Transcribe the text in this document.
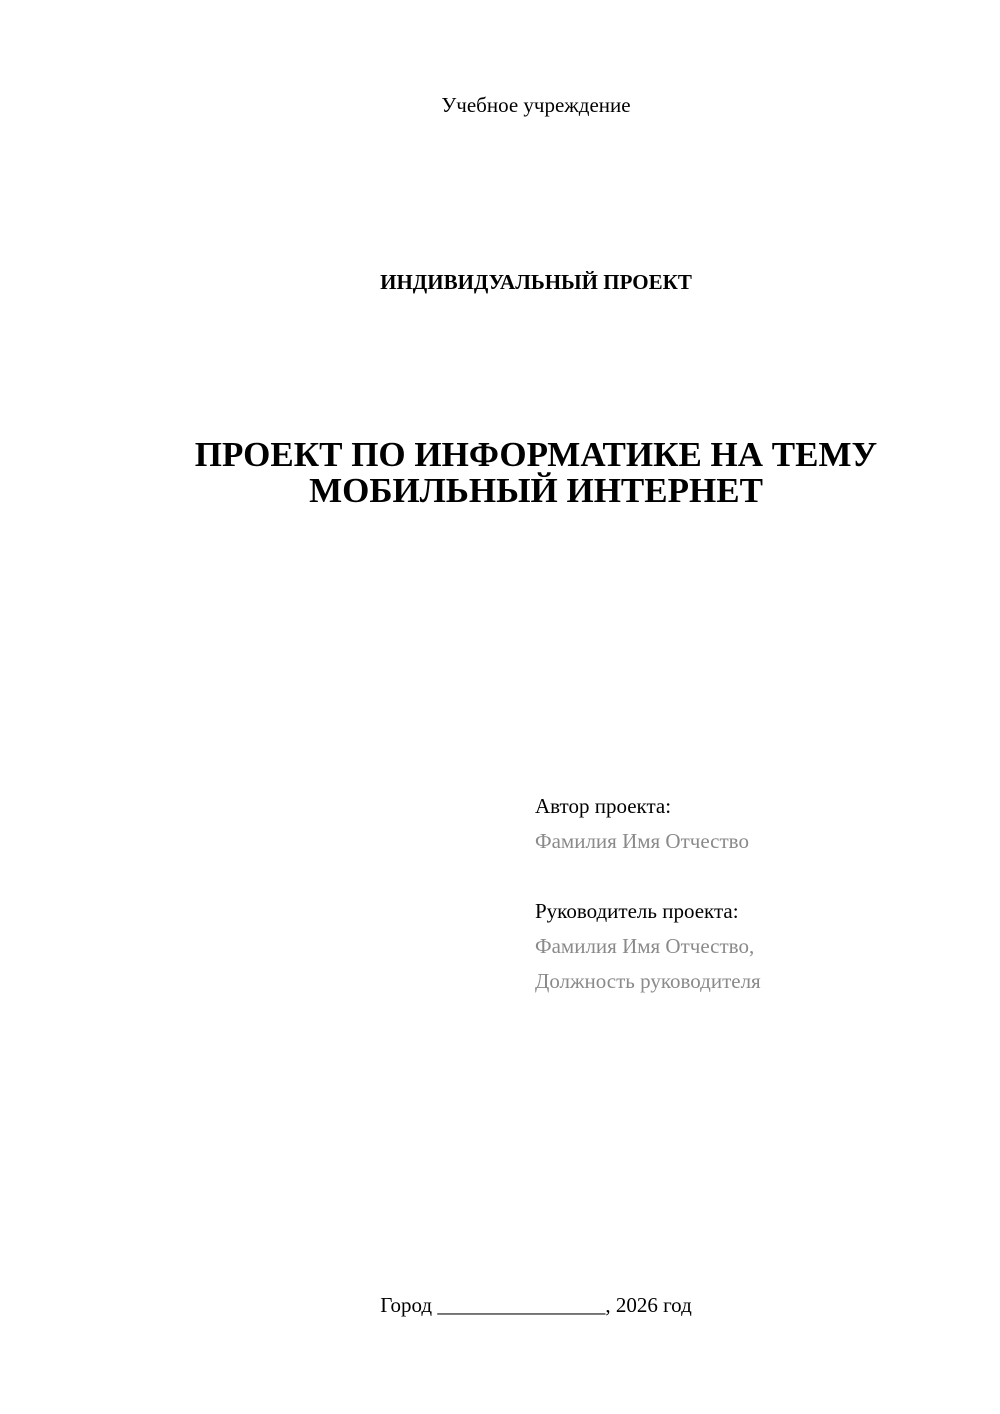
Учебное учреждение
ИНДИВИДУАЛЬНЫЙ ПРОЕКТ
ПРОЕКТ ПО ИНФОРМАТИКЕ НА ТЕМУ
МОБИЛЬНЫЙ ИНТЕРНЕТ
Автор проекта:
Фамилия Имя Отчество
Руководитель проекта:
Фамилия Имя Отчество,
Должность руководителя
Город ________________, 2026 год
